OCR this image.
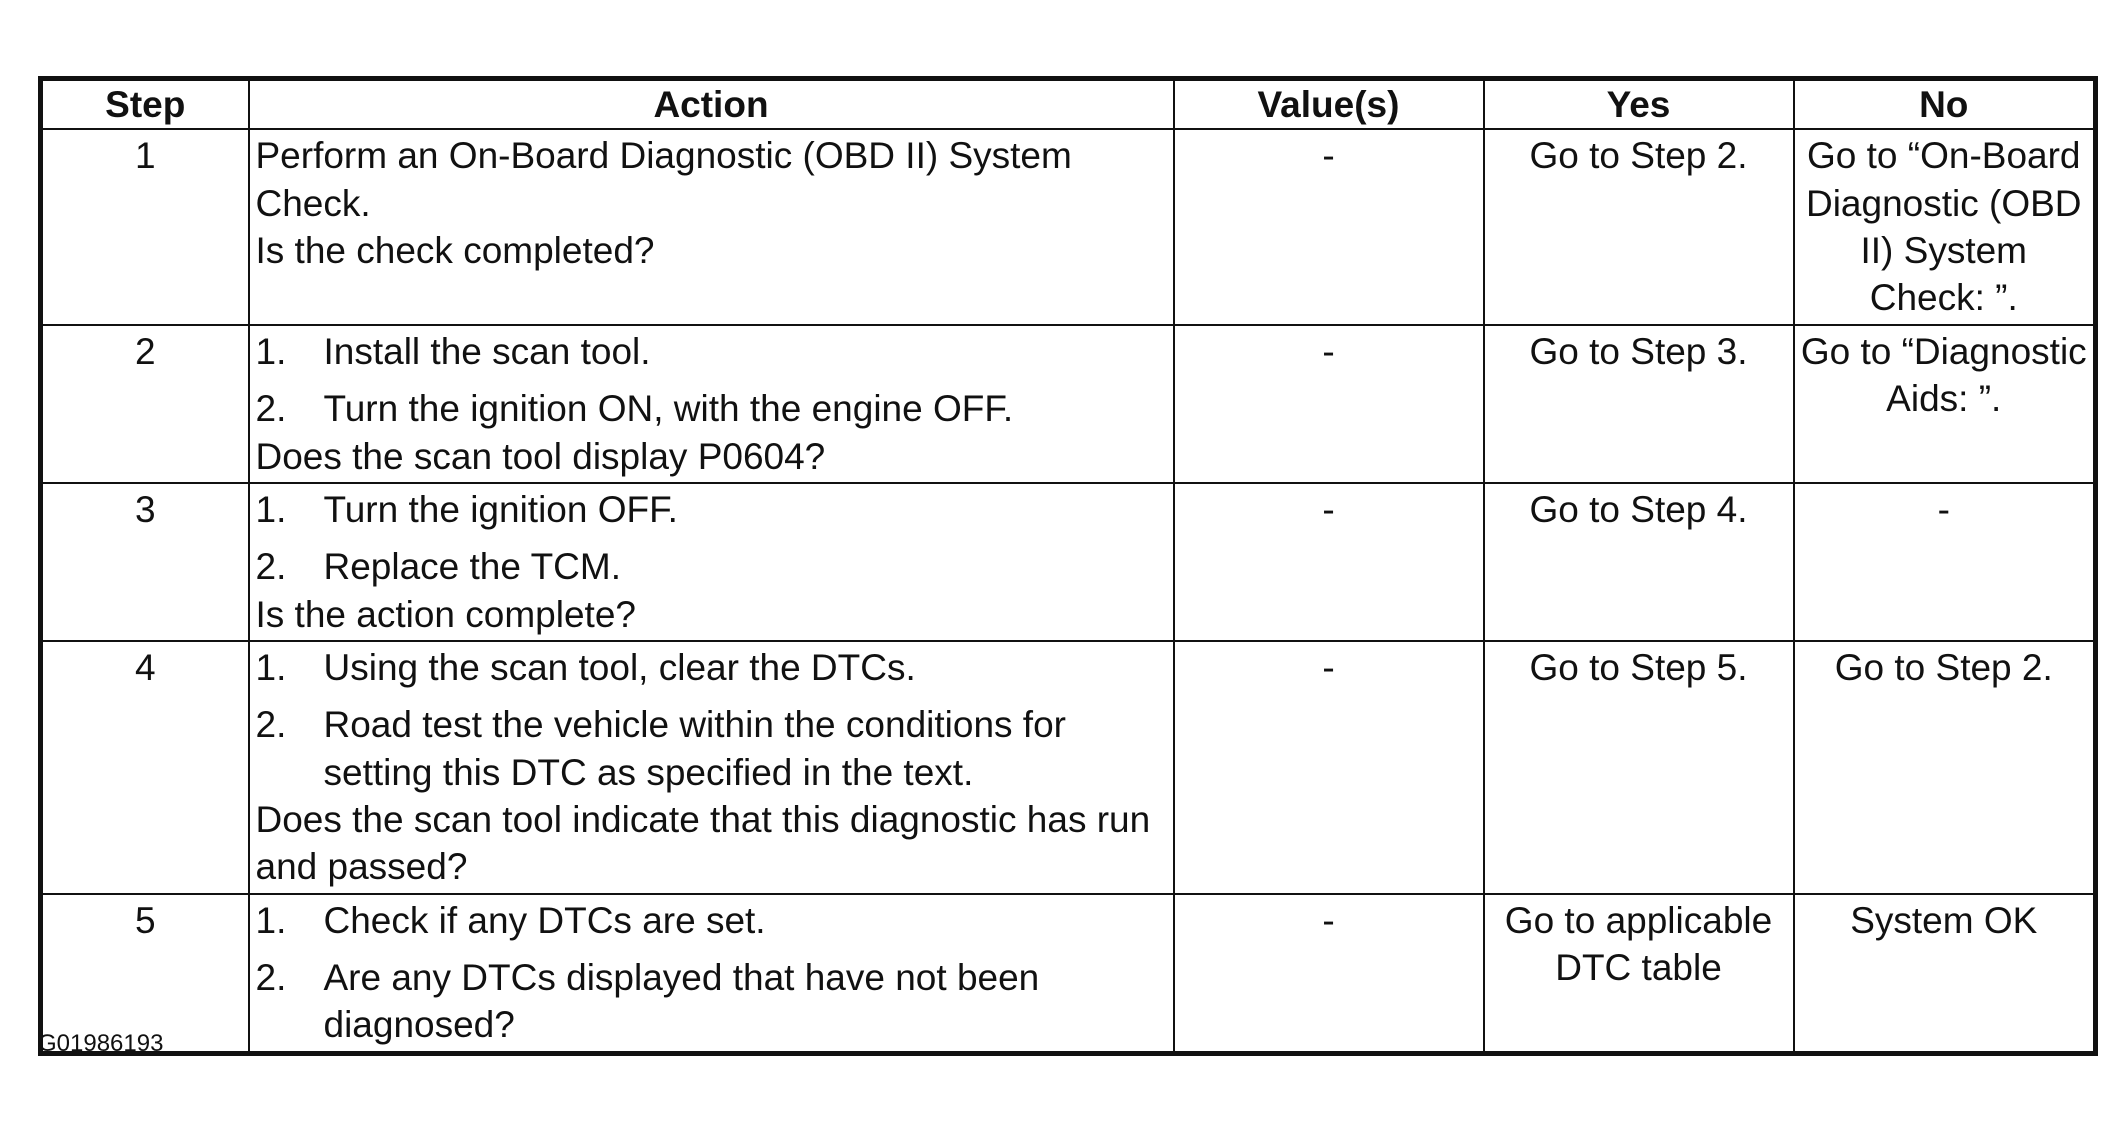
Step	Action	Value(s)	Yes	No
1	Perform an On-Board Diagnostic (OBD II) System
Check.
Is the check completed?	-	Go to Step 2.	Go to “On-Board Diagnostic (OBD II) System Check: ”.
2	1. Install the scan tool.
2. Turn the ignition ON, with the engine OFF.
Does the scan tool display P0604?	-	Go to Step 3.	Go to “Diagnostic Aids: ”.
3	1. Turn the ignition OFF.
2. Replace the TCM.
Is the action complete?	-	Go to Step 4.	-
4	1. Using the scan tool, clear the DTCs.
2. Road test the vehicle within the conditions for setting this DTC as specified in the text.
Does the scan tool indicate that this diagnostic has run and passed?	-	Go to Step 5.	Go to Step 2.
5	1. Check if any DTCs are set.
2. Are any DTCs displayed that have not been diagnosed?	-	Go to applicable DTC table	System OK
G01986193
